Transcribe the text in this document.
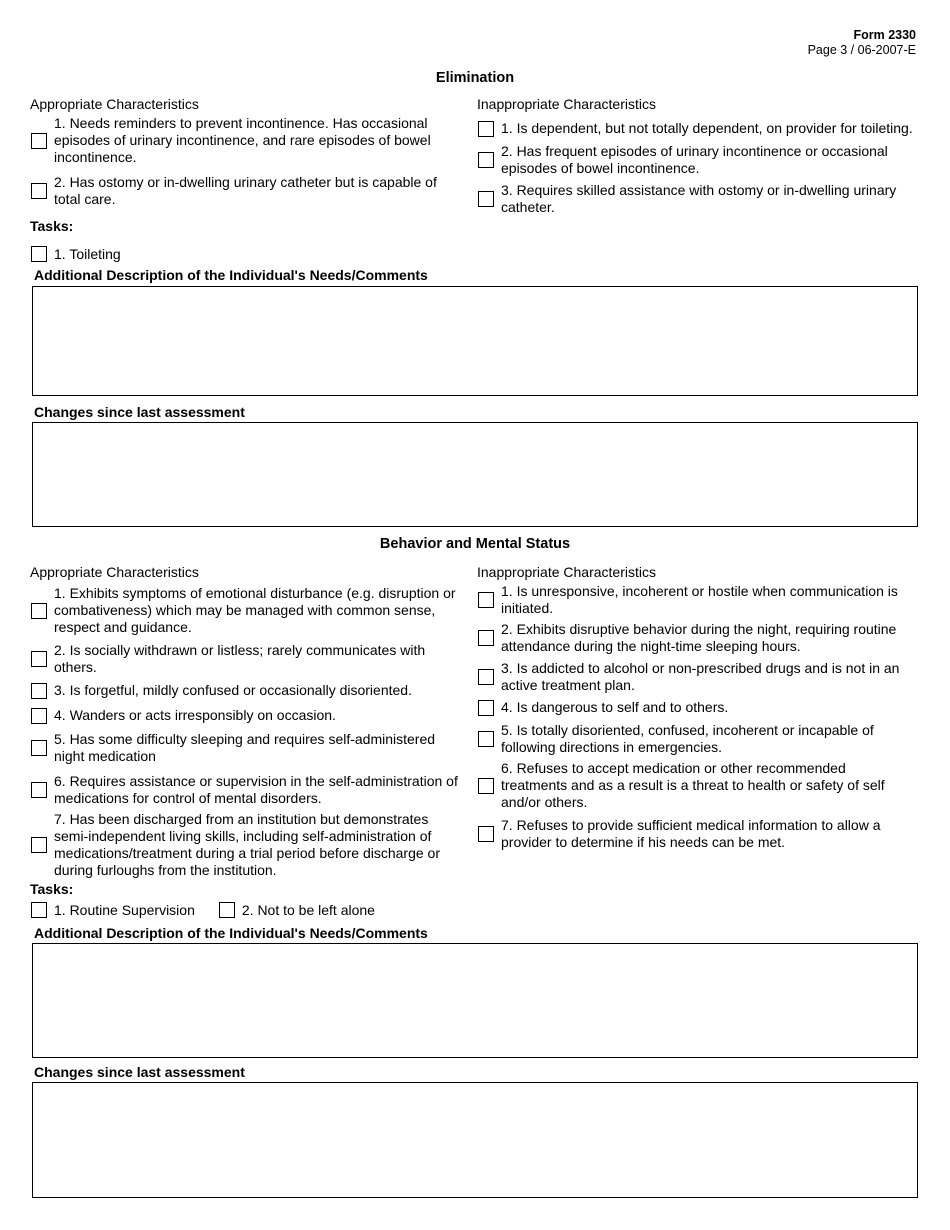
Form 2330
Page 3 / 06-2007-E
Elimination
Appropriate Characteristics	Inappropriate Characteristics
1. Needs reminders to prevent incontinence. Has occasional episodes of urinary incontinence, and rare episodes of bowel incontinence.
2. Has ostomy or in-dwelling urinary catheter but is capable of total care.
1. Is dependent, but not totally dependent, on provider for toileting.
2. Has frequent episodes of urinary incontinence or occasional episodes of bowel incontinence.
3. Requires skilled assistance with ostomy or in-dwelling urinary catheter.
Tasks:
1. Toileting
Additional Description of the Individual's Needs/Comments
Changes since last assessment
Behavior and Mental Status
Appropriate Characteristics	Inappropriate Characteristics
1. Exhibits symptoms of emotional disturbance (e.g. disruption or combativeness) which may be managed with common sense, respect and guidance.
2. Is socially withdrawn or listless; rarely communicates with others.
3. Is forgetful, mildly confused or occasionally disoriented.
4. Wanders or acts irresponsibly on occasion.
5. Has some difficulty sleeping and requires self-administered night medication
6. Requires assistance or supervision in the self-administration of medications for control of mental disorders.
7. Has been discharged from an institution but demonstrates semi-independent living skills, including self-administration of medications/treatment during a trial period before discharge or during furloughs from the institution.
1. Is unresponsive, incoherent or hostile when communication is initiated.
2. Exhibits disruptive behavior during the night, requiring routine attendance during the night-time sleeping hours.
3. Is addicted to alcohol or non-prescribed drugs and is not in an active treatment plan.
4. Is dangerous to self and to others.
5. Is totally disoriented, confused, incoherent or incapable of following directions in emergencies.
6. Refuses to accept medication or other recommended treatments and as a result is a threat to health or safety of self and/or others.
7. Refuses to provide sufficient medical information to allow a provider to determine if his needs can be met.
Tasks:
1. Routine Supervision	2. Not to be left alone
Additional Description of the Individual's Needs/Comments
Changes since last assessment
